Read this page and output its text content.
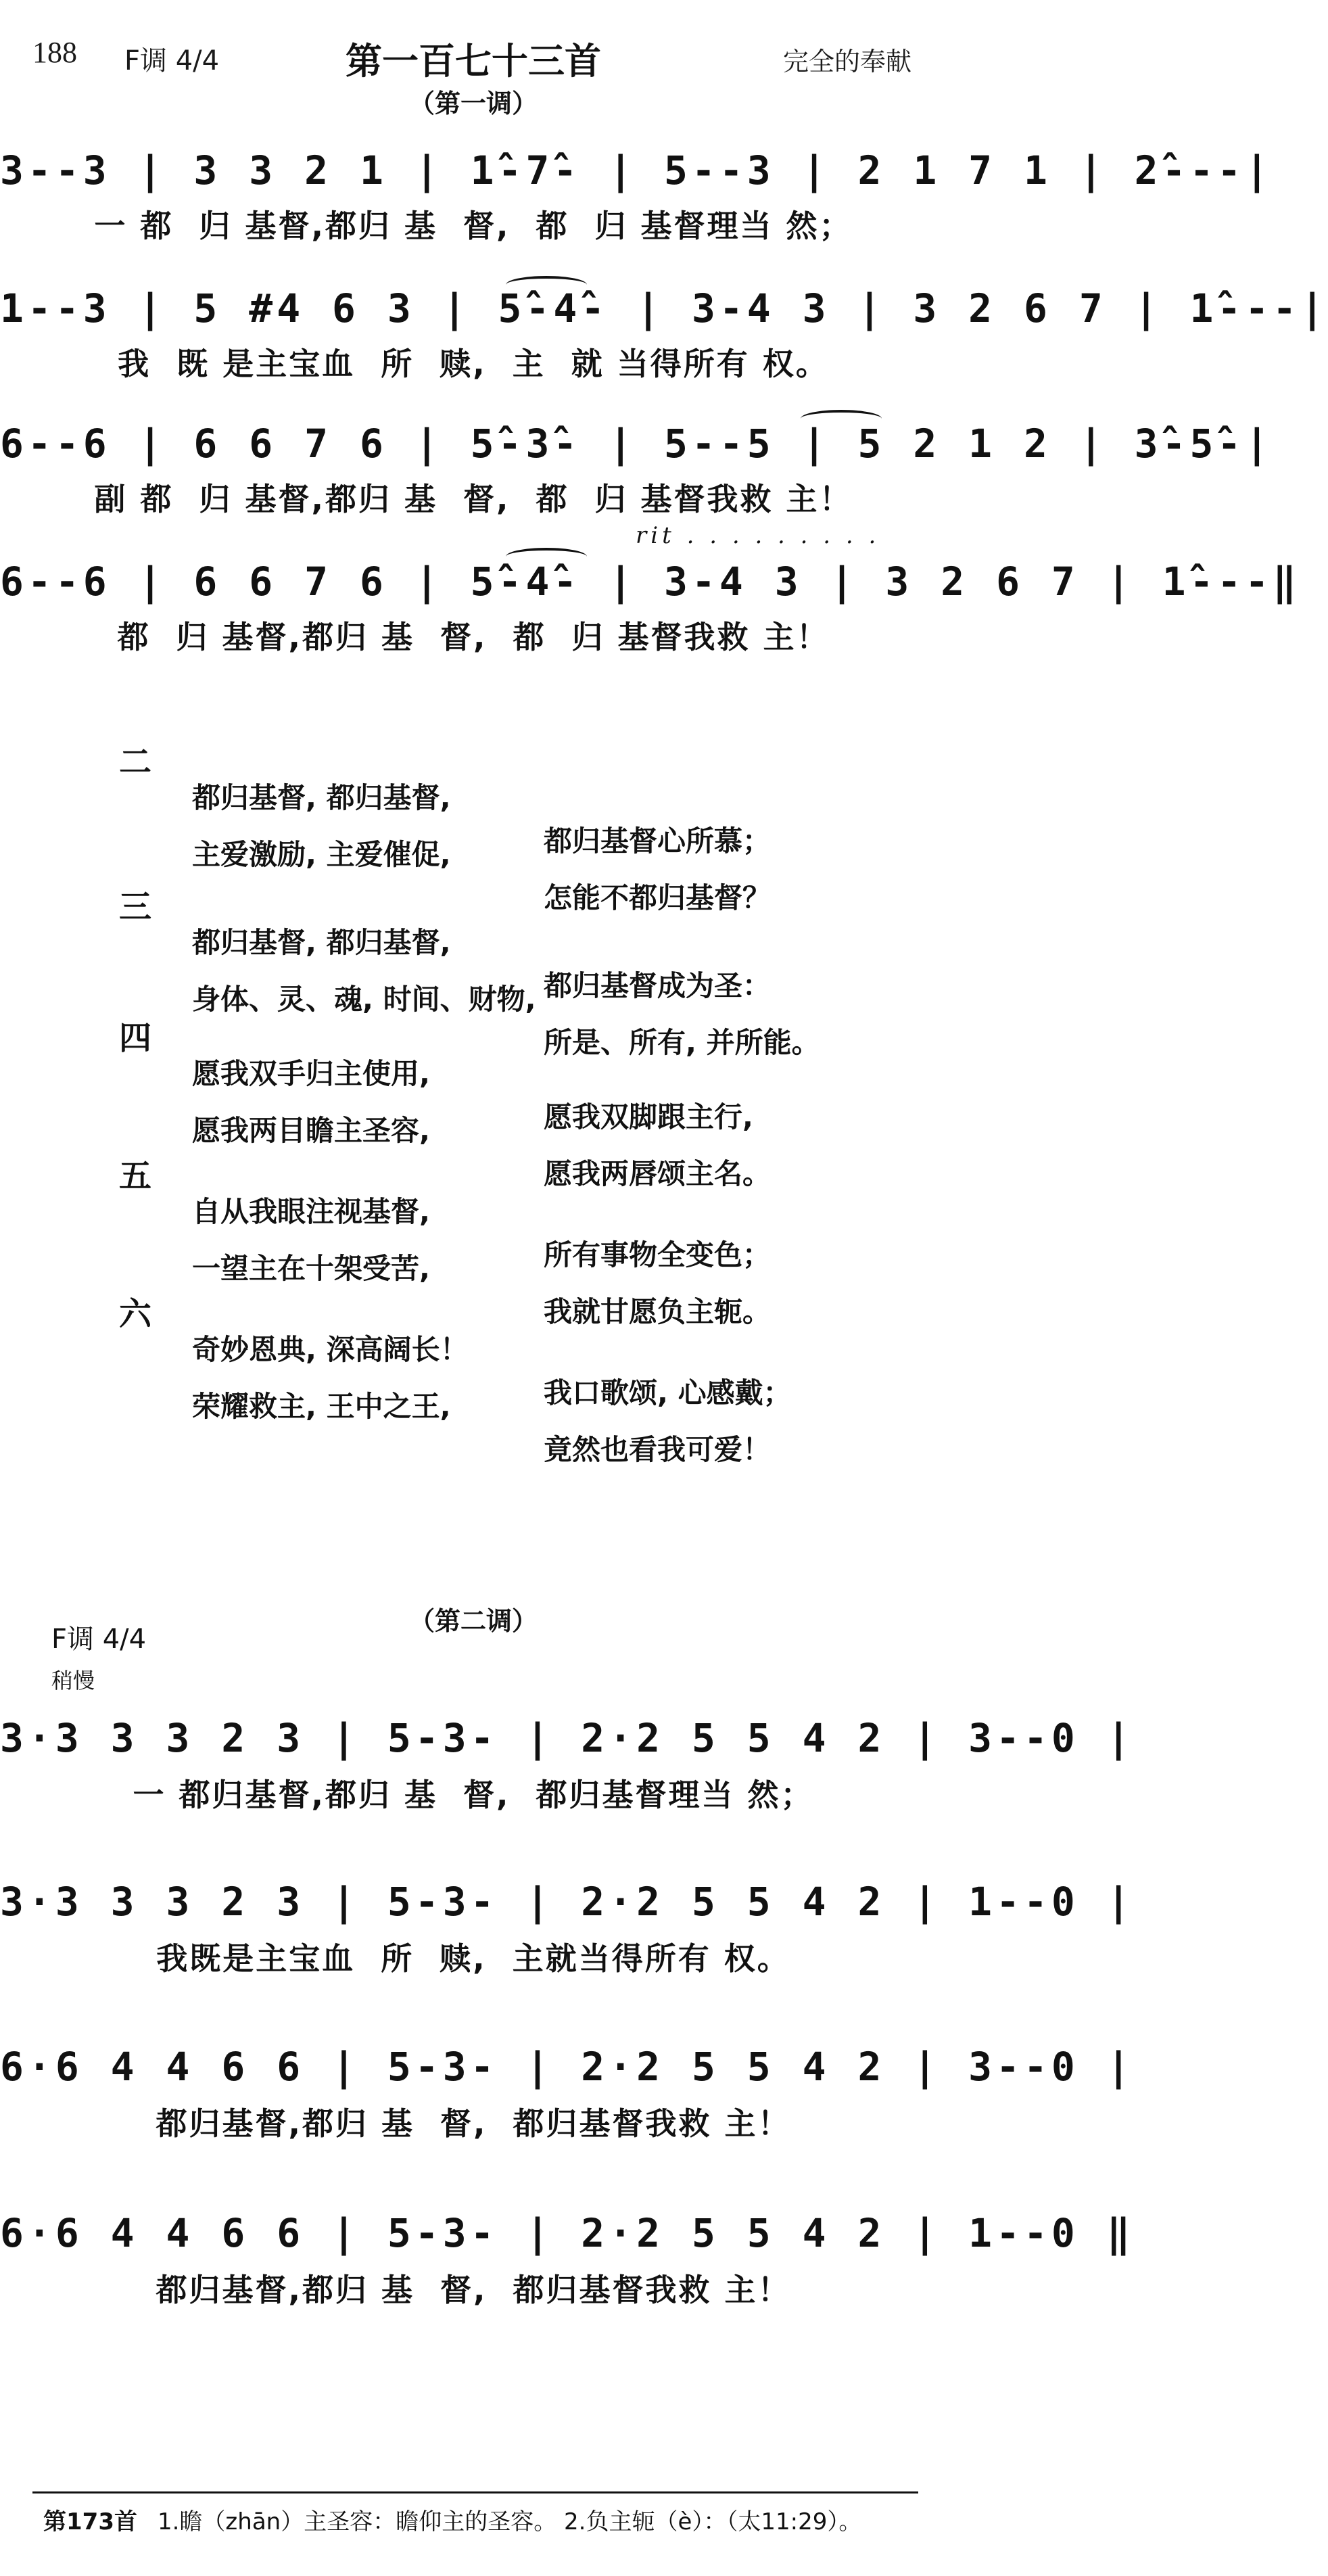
188 F调 4/4	第一百七十三首	完全的奉献
（第一调）
3--3 | 3 3 2 1 | 1̂-7̂- | 5--3 | 2 1 7 1 | 2̂---|
一 都  归 基督,都归 基  督,  都  归 基督理当 然；
1--3 | 5 #4 6 3 | 5̂-4̂- | 3-4 3 | 3 2 6 7 | 1̂---|
我  既 是主宝血  所  赎,  主  就 当得所有 权。
6--6 | 6 6 7 6 | 5̂-3̂- | 5--5 | 5 2 1 2 | 3̂-5̂-|
副 都  归 基督,都归 基  督,  都  归 基督我救 主！
rit . . . . . . . . .
6--6 | 6 6 7 6 | 5̂-4̂- | 3-4 3 | 3 2 6 7 | 1̂---‖
都  归 基督,都归 基  督,  都  归 基督我救 主！
二

都归基督, 都归基督,

都归基督心所慕；

主爱激励, 主爱催促,

怎能不都归基督？

三

都归基督, 都归基督,

都归基督成为圣：

身体、灵、魂, 时间、财物,

所是、所有, 并所能。

四

愿我双手归主使用,

愿我双脚跟主行,

愿我两目瞻主圣容,

愿我两唇颂主名。

五

自从我眼注视基督,

所有事物全变色；

一望主在十架受苦,

我就甘愿负主轭。

六

奇妙恩典, 深高阔长！

我口歌颂, 心感戴；

荣耀救主, 王中之王,

竟然也看我可爱！

F调 4/4
（第二调）
稍慢
3·3 3 3 2 3 | 5-3- | 2·2 5 5 4 2 | 3--0 |
一 都归基督,都归 基  督,  都归基督理当 然；
3·3 3 3 2 3 | 5-3- | 2·2 5 5 4 2 | 1--0 |
我既是主宝血  所  赎,  主就当得所有 权。
6·6 4 4 6 6 | 5-3- | 2·2 5 5 4 2 | 3--0 |
都归基督,都归 基  督,  都归基督我救 主！
6·6 4 4 6 6 | 5-3- | 2·2 5 5 4 2 | 1--0 ‖
都归基督,都归 基  督,  都归基督我救 主！
第173首 1.瞻（zhān）主圣容：瞻仰主的圣容。 2.负主轭（è）：（太11:29）。
